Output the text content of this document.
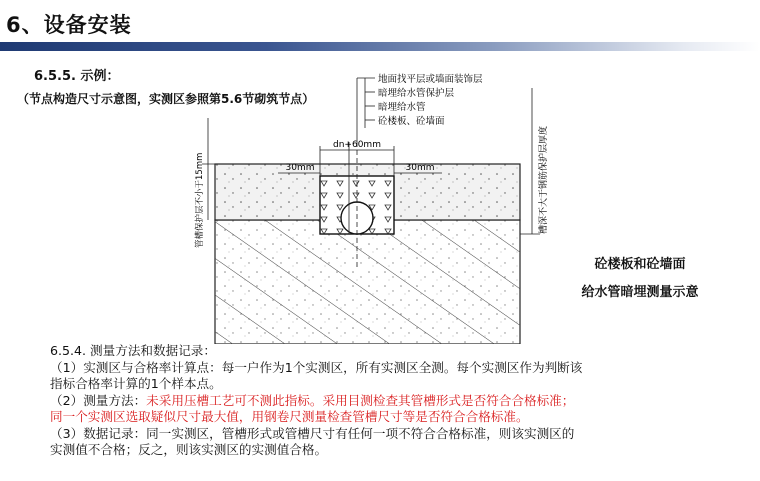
6、设备安装
6.5.5. 示例：
（节点构造尺寸示意图，实测区参照第5.6节砌筑节点）
dn+60mm
30mm	30mm
管槽保护层不小于15mm	槽深不大于钢筋保护层厚度
地面找平层或墙面装饰层
暗埋给水管保护层
暗埋给水管
砼楼板、砼墙面
砼楼板和砼墙面
给水管暗埋测量示意
6.5.4. 测量方法和数据记录：
（1）实测区与合格率计算点：每一户作为1个实测区，所有实测区全测。每个实测区作为判断该
指标合格率计算的1个样本点。
（2）测量方法：未采用压槽工艺可不测此指标。采用目测检查其管槽形式是否符合合格标准；
同一个实测区选取疑似尺寸最大值，用钢卷尺测量检查管槽尺寸等是否符合合格标准。
（3）数据记录：同一实测区，管槽形式或管槽尺寸有任何一项不符合合格标准，则该实测区的
实测值不合格；反之，则该实测区的实测值合格。
